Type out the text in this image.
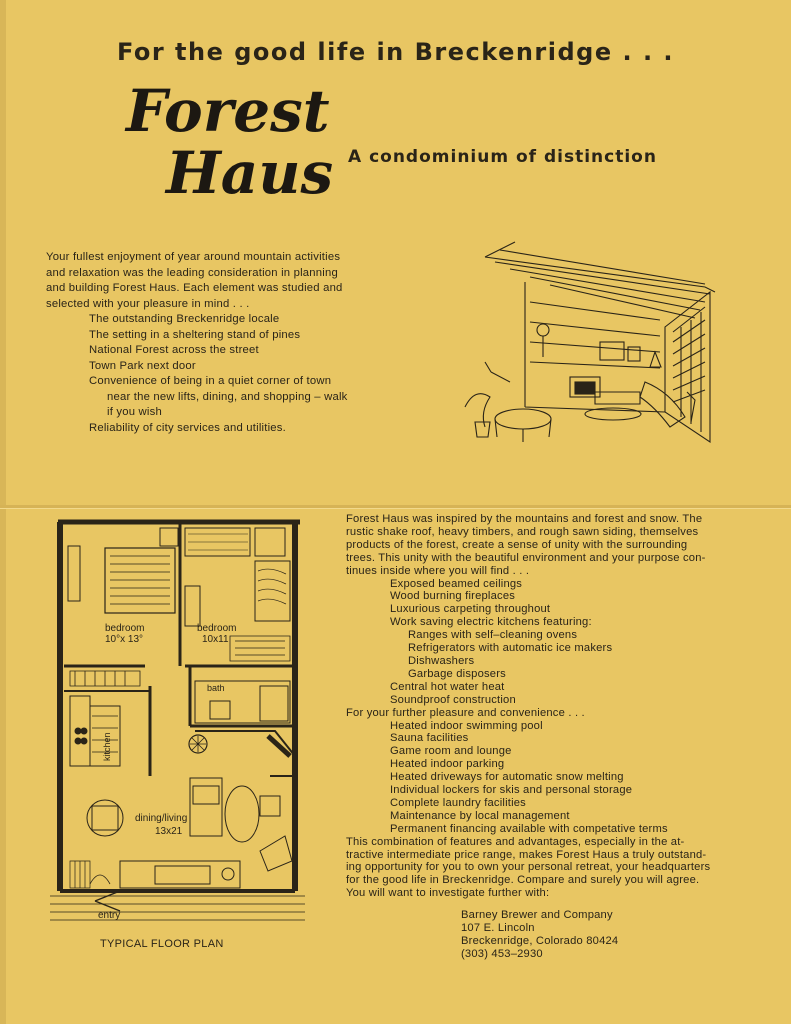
For the good life in Breckenridge . . .
Forest
Haus A condominium of distinction

Your fullest enjoyment of year around mountain activities

and relaxation was the leading consideration in planning

and building Forest Haus. Each element was studied and

selected with your pleasure in mind . . .

The outstanding Breckenridge locale

The setting in a sheltering stand of pines

National Forest across the street

Town Park next door

Convenience of being in a quiet corner of town

near the new lifts, dining, and shopping – walk

if you wish

Reliability of city services and utilities.

bedroom
10°x 13°
bedroom
10x11
bath
kitchen
dining/living
13x21
entry
TYPICAL FLOOR PLAN

Forest Haus was inspired by the mountains and forest and snow. The

rustic shake roof, heavy timbers, and rough sawn siding, themselves

products of the forest, create a sense of unity with the surrounding

trees. This unity with the beautiful environment and your purpose con-

tinues inside where you will find . . .

Exposed beamed ceilings

Wood burning fireplaces

Luxurious carpeting throughout

Work saving electric kitchens featuring:

Ranges with self–cleaning ovens

Refrigerators with automatic ice makers

Dishwashers

Garbage disposers

Central hot water heat

Soundproof construction

For your further pleasure and convenience . . .

Heated indoor swimming pool

Sauna facilities

Game room and lounge

Heated indoor parking

Heated driveways for automatic snow melting

Individual lockers for skis and personal storage

Complete laundry facilities

Maintenance by local management

Permanent financing available with competative terms

This combination of features and advantages, especially in the at-

tractive intermediate price range, makes Forest Haus a truly outstand-

ing opportunity for you to own your personal retreat, your headquarters

for the good life in Breckenridge. Compare and surely you will agree.

You will want to investigate further with:

Barney Brewer and Company

107 E. Lincoln

Breckenridge, Colorado 80424

(303) 453–2930
